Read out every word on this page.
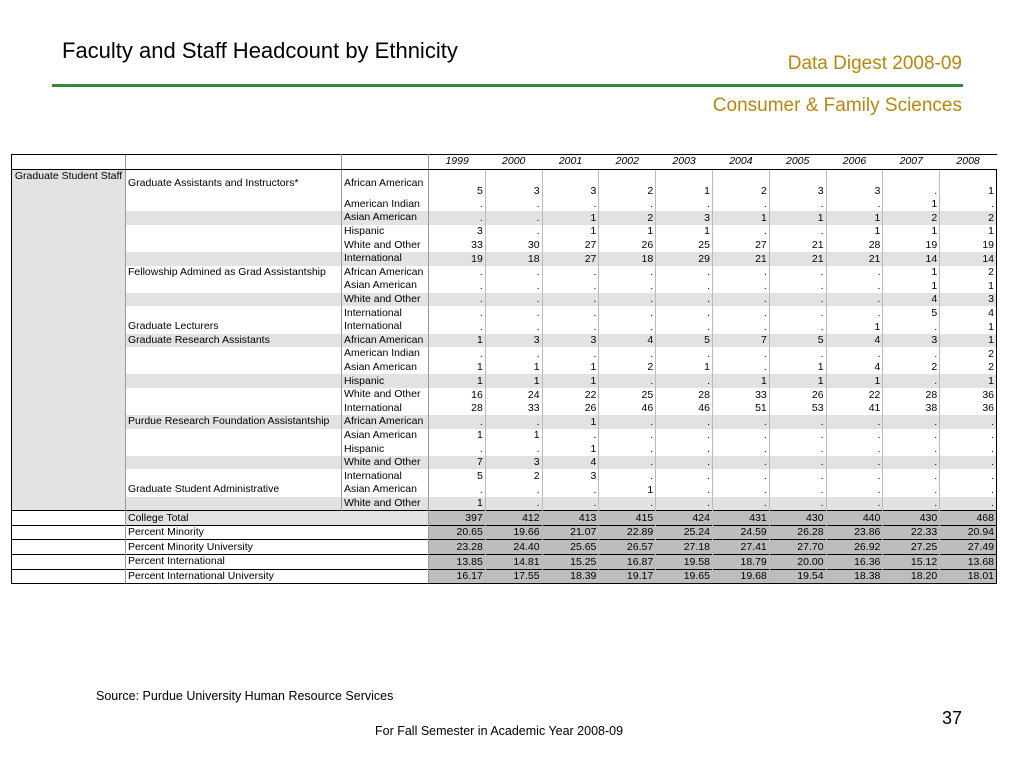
Faculty and Staff Headcount by Ethnicity
Data Digest 2008-09
Consumer & Family Sciences
			1999	2000	2001	2002	2003	2004	2005	2006	2007	2008
Graduate Student Staff	Graduate Assistants and Instructors*	African American	5	3	3	2	1	2	3	3	.	1
		American Indian	.	.	.	.	.	.	.	.	1	.
		Asian American	.	.	1	2	3	1	1	1	2	2
		Hispanic	3	.	1	1	1	.	.	1	1	1
		White and Other	33	30	27	26	25	27	21	28	19	19
		International	19	18	27	18	29	21	21	21	14	14
	Fellowship Admined as Grad Assistantship	African American	.	.	.	.	.	.	.	.	1	2
		Asian American	.	.	.	.	.	.	.	.	1	1
		White and Other	.	.	.	.	.	.	.	.	4	3
		International	.	.	.	.	.	.	.	.	5	4
	Graduate Lecturers	International	.	.	.	.	.	.	.	1	.	1
	Graduate Research Assistants	African American	1	3	3	4	5	7	5	4	3	1
		American Indian	.	.	.	.	.	.	.	.	.	2
		Asian American	1	1	1	2	1	.	1	4	2	2
		Hispanic	1	1	1	.	.	1	1	1	.	1
		White and Other	16	24	22	25	28	33	26	22	28	36
		International	28	33	26	46	46	51	53	41	38	36
	Purdue Research Foundation Assistantship	African American	.	.	1	.	.	.	.	.	.	.
		Asian American	1	1	.	.	.	.	.	.	.	.
		Hispanic	.	.	1	.	.	.	.	.	.	.
		White and Other	7	3	4	.	.	.	.	.	.	.
		International	5	2	3	.	.	.	.	.	.	.
	Graduate Student Administrative	Asian American	.	.	.	1	.	.	.	.	.	.
		White and Other	1	.	.	.	.	.	.	.	.	.
	College Total		397	412	413	415	424	431	430	440	430	468
	Percent Minority		20.65	19.66	21.07	22.89	25.24	24.59	26.28	23.86	22.33	20.94
	Percent Minority University		23.28	24.40	25.65	26.57	27.18	27.41	27.70	26.92	27.25	27.49
	Percent International		13.85	14.81	15.25	16.87	19.58	18.79	20.00	16.36	15.12	13.68
	Percent International University		16.17	17.55	18.39	19.17	19.65	19.68	19.54	18.38	18.20	18.01
Source: Purdue University Human Resource Services
37
For Fall Semester in Academic Year 2008-09
